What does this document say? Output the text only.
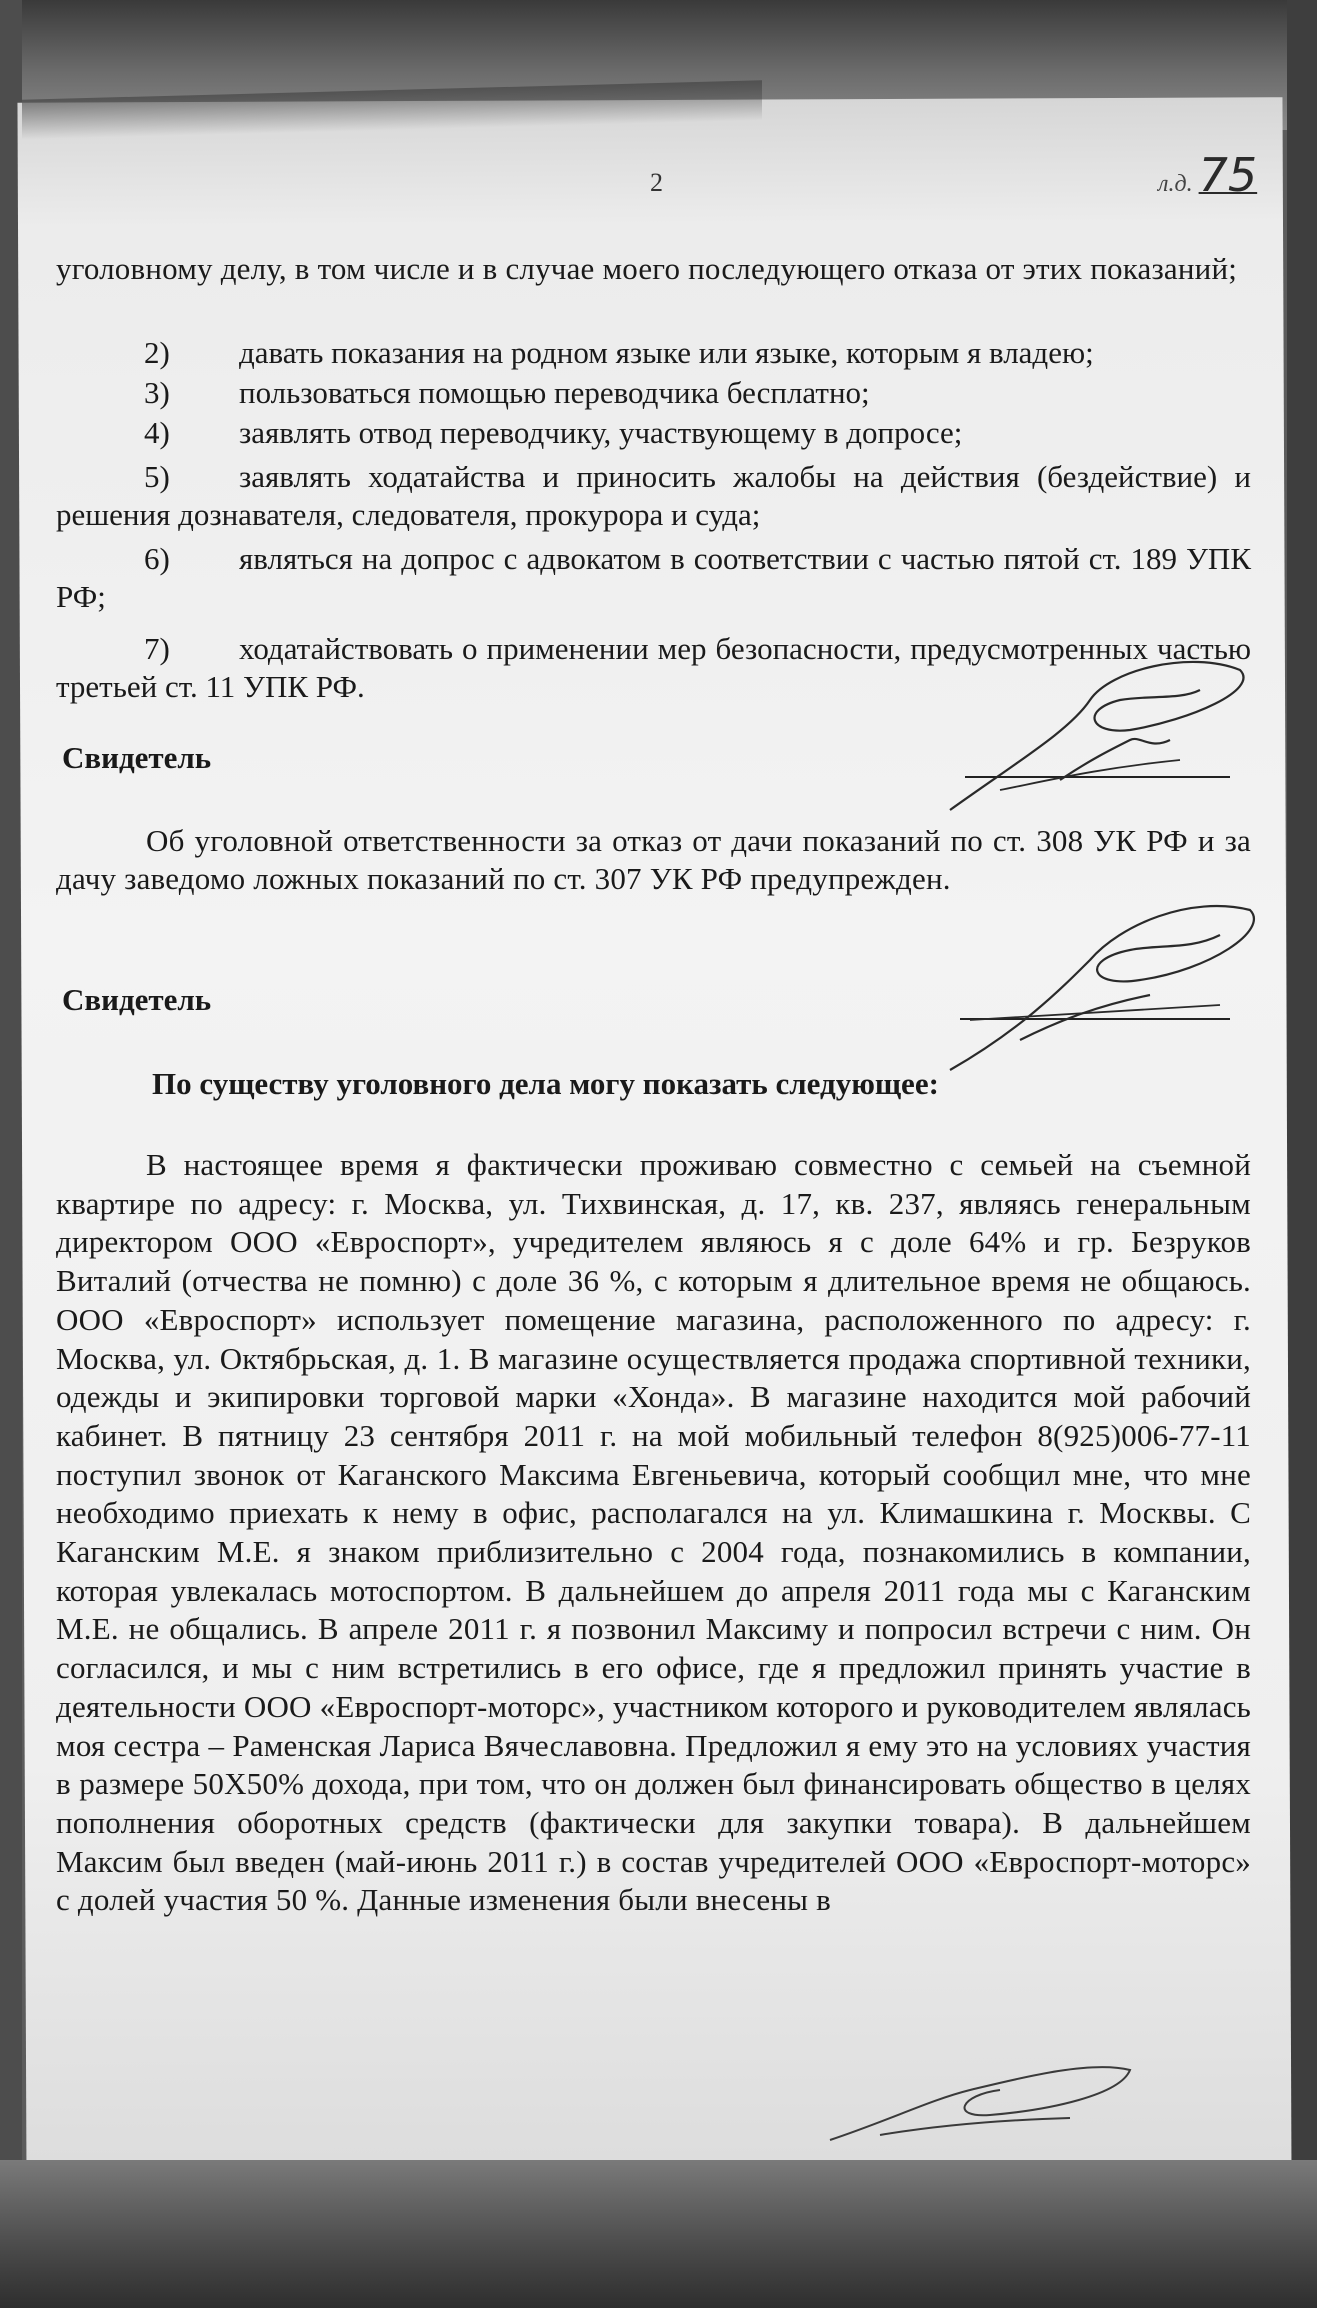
2	л.д. 75
уголовному делу, в том числе и в случае моего последующего отказа от этих показаний;
2) давать показания на родном языке или языке, которым я владею;
3) пользоваться помощью переводчика бесплатно;
4) заявлять отвод переводчику, участвующему в допросе;
5) заявлять ходатайства и приносить жалобы на действия (бездействие) и решения дознавателя, следователя, прокурора и суда;
6) являться на допрос с адвокатом в соответствии с частью пятой ст. 189 УПК РФ;
7) ходатайствовать о применении мер безопасности, предусмотренных частью третьей ст. 11 УПК РФ.
Свидетель
Об уголовной ответственности за отказ от дачи показаний по ст. 308 УК РФ и за дачу заведомо ложных показаний по ст. 307 УК РФ предупрежден.
Свидетель
По существу уголовного дела могу показать следующее:
В настоящее время я фактически проживаю совместно с семьей на съемной квартире по адресу: г. Москва, ул. Тихвинская, д. 17, кв. 237, являясь генеральным директором ООО «Евроспорт», учредителем являюсь я с доле 64% и гр. Безруков Виталий (отчества не помню) с доле 36 %, с которым я длительное время не общаюсь. ООО «Евроспорт» использует помещение магазина, расположенного по адресу: г. Москва, ул. Октябрьская, д. 1. В магазине осуществляется продажа спортивной техники, одежды и экипировки торговой марки «Хонда». В магазине находится мой рабочий кабинет. В пятницу 23 сентября 2011 г. на мой мобильный телефон 8(925)006-77-11 поступил звонок от Каганского Максима Евгеньевича, который сообщил мне, что мне необходимо приехать к нему в офис, располагался на ул. Климашкина г. Москвы. С Каганским М.Е. я знаком приблизительно с 2004 года, познакомились в компании, которая увлекалась мотоспортом. В дальнейшем до апреля 2011 года мы с Каганским М.Е. не общались. В апреле 2011 г. я позвонил Максиму и попросил встречи с ним. Он согласился, и мы с ним встретились в его офисе, где я предложил принять участие в деятельности ООО «Евроспорт-моторс», участником которого и руководителем являлась моя сестра – Раменская Лариса Вячеславовна. Предложил я ему это на условиях участия в размере 50Х50% дохода, при том, что он должен был финансировать общество в целях пополнения оборотных средств (фактически для закупки товара). В дальнейшем Максим был введен (май-июнь 2011 г.) в состав учредителей ООО «Евроспорт-моторс» с долей участия 50 %. Данные изменения были внесены в
